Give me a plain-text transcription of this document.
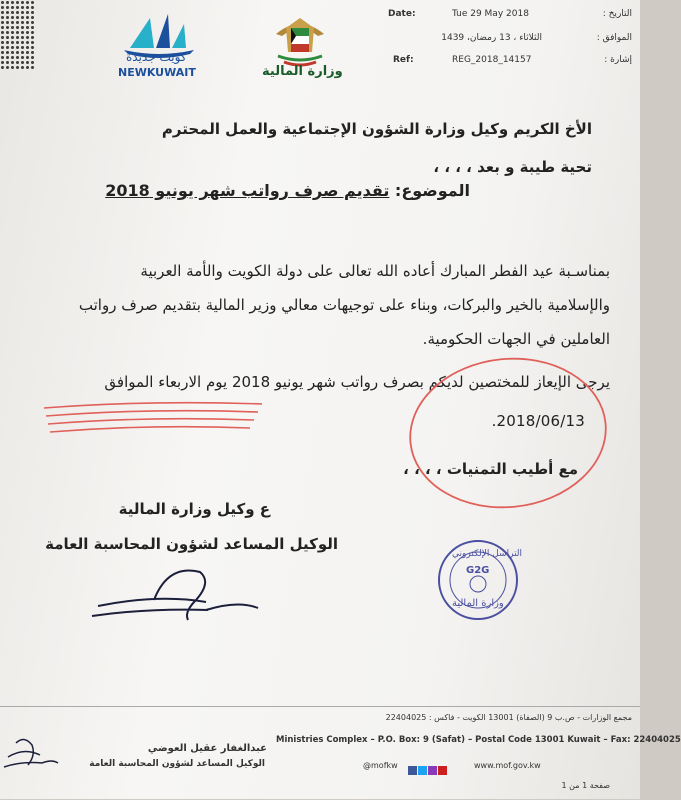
كويت جديدة
NEWKUWAIT	وزارة المالية
Date:	Tue 29 May 2018	التاريخ :
الثلاثاء ، 13 رمضان، 1439	الموافق :
Ref:	REG_2018_14157	إشارة :
الأخ الكريم وكيل وزارة الشؤون الإجتماعية والعمل المحترم
تحية طيبة و بعد ، ، ، ،
الموضوع: تقديم صرف رواتب شهر يونيو 2018
بمناسـبة عيد الفطر المبارك أعاده الله تعالى على دولة الكويت والأمة العربية
والإسلامية بالخير والبركات، وبناء على توجيهات معالي وزير المالية بتقديم صرف رواتب
العاملين في الجهات الحكومية.
يرجى الإيعاز للمختصين لديكم بصرف رواتب شهر يونيو 2018 يوم الاربعاء الموافق
2018/06/13.
مع أطيب التمنيات ، ، ، ،
ع وكيل وزارة المالية
الوكيل المساعد لشؤون المحاسبة العامة
التراسل الإلكتروني
G2G
وزارة المالية
مجمع الوزارات - ص.ب 9 (الصفاة) 13001 الكويت - فاكس : 22404025
Ministries Complex – P.O. Box: 9 (Safat) – Postal Code 13001 Kuwait – Fax: 22404025
@mofkw	www.mof.gov.kw
صفحة 1 من 1
عبدالغفار عقيل العوضي
الوكيل المساعد لشؤون المحاسبة العامة
